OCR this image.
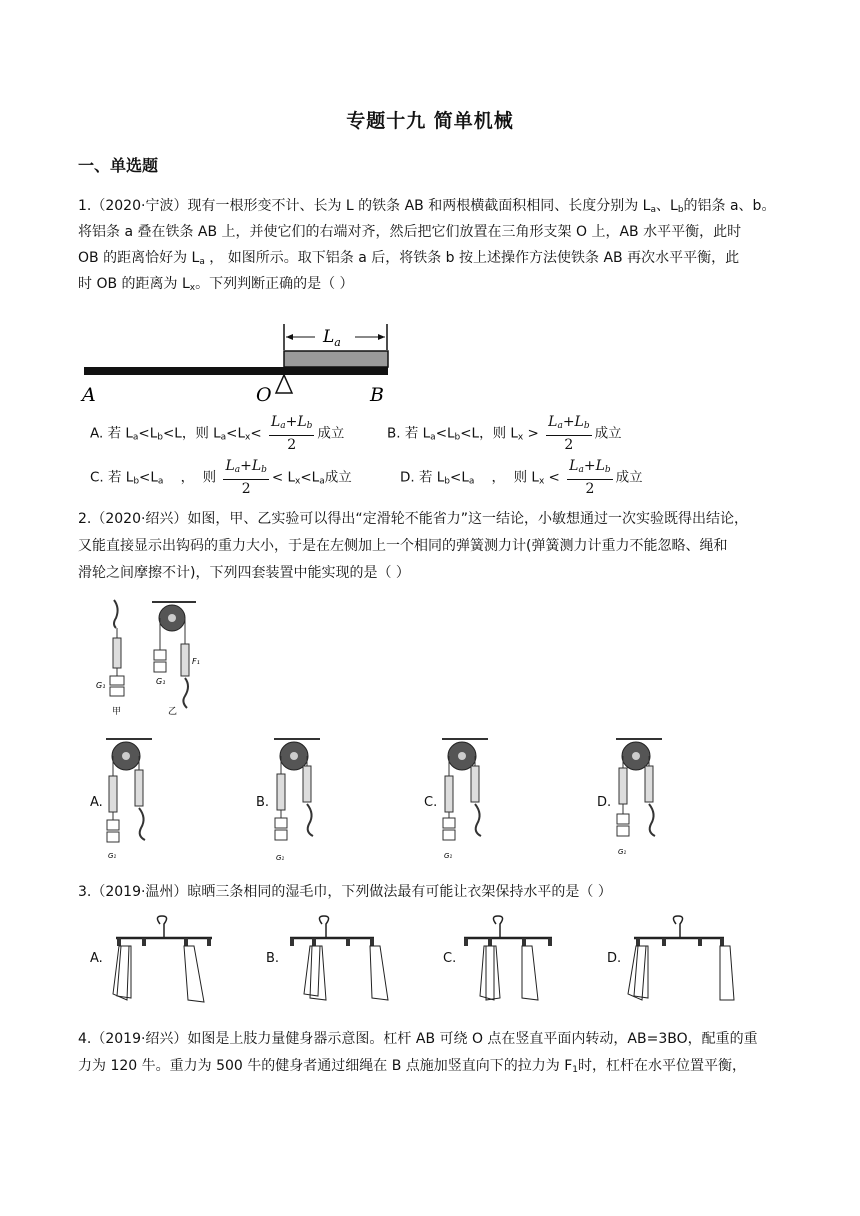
专题十九 简单机械
一、单选题
1.（2020·宁波）现有一根形变不计、长为 L 的铁条 AB 和两根横截面积相同、长度分别为 $L_a$、$L_b$的铝条 a、b。
将铝条 a 叠在铁条 AB 上，并使它们的右端对齐，然后把它们放置在三角形支架 O 上，AB 水平平衡，此时
OB 的距离恰好为 $L_a$ ， 如图所示。取下铝条 a 后，将铁条 b 按上述操作方法使铁条 AB 再次水平平衡，此
时 OB 的距离为 $L_x$。下列判断正确的是（ ）
$L_a$
A	O	B
A. 若 $L_a<L_b<L$，则 $L_a<L_x< \frac{L_a+L_b}{2}$ 成立	B. 若 $L_a<L_b<L$，则 $L_x > \frac{L_a+L_b}{2}$ 成立
C. 若 $L_b<L_a$    ，  则 $\frac{L_a+L_b}{2} < L_x<L_a$成立	D. 若 $L_b<L_a$    ，  则 $L_x < \frac{L_a+L_b}{2}$ 成立
2.（2020·绍兴）如图，甲、乙实验可以得出“定滑轮不能省力”这一结论，小敏想通过一次实验既得出结论，
又能直接显示出钩码的重力大小，于是在左侧加上一个相同的弹簧测力计(弹簧测力计重力不能忽略、绳和
滑轮之间摩擦不计)，下列四套装置中能实现的是（ ）
G₁
甲
G₁
F₁
乙
A.	B.	C.	D.
G₁	G₁	G₁	G₁
3.（2019·温州）晾晒三条相同的湿毛巾，下列做法最有可能让衣架保持水平的是（ ）
A.	B.	C.	D.
4.（2019·绍兴）如图是上肢力量健身器示意图。杠杆 AB 可绕 O 点在竖直平面内转动，AB=3BO，配重的重
力为 120 牛。重力为 500 牛的健身者通过细绳在 B 点施加竖直向下的拉力为 $F_1$时，杠杆在水平位置平衡，
